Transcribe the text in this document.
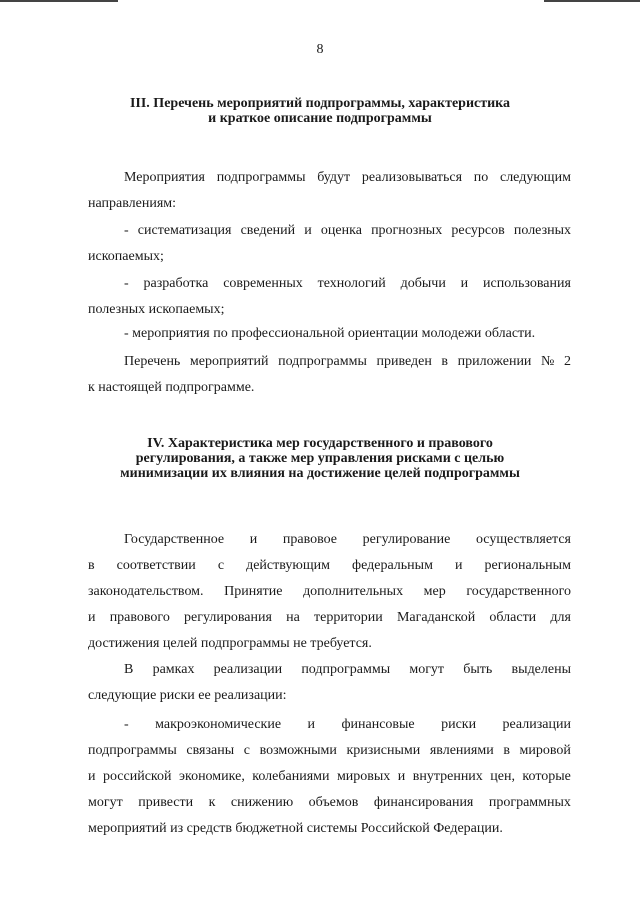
8
III. Перечень мероприятий подпрограммы, характеристика
и краткое описание подпрограммы
Мероприятия подпрограммы будут реализовываться по следующим
направлениям:
- систематизация сведений и оценка прогнозных ресурсов полезных
ископаемых;
- разработка современных технологий добычи и использования
полезных ископаемых;
- мероприятия по профессиональной ориентации молодежи области.
Перечень мероприятий подпрограммы приведен в приложении № 2
к настоящей подпрограмме.
IV. Характеристика мер государственного и правового
регулирования, а также мер управления рисками с целью
минимизации их влияния на достижение целей подпрограммы
Государственное и правовое регулирование осуществляется
в соответствии с действующим федеральным и региональным
законодательством. Принятие дополнительных мер государственного
и правового регулирования на территории Магаданской области для
достижения целей подпрограммы не требуется.
В рамках реализации подпрограммы могут быть выделены
следующие риски ее реализации:
- макроэкономические и финансовые риски реализации
подпрограммы связаны с возможными кризисными явлениями в мировой
и российской экономике, колебаниями мировых и внутренних цен, которые
могут привести к снижению объемов финансирования программных
мероприятий из средств бюджетной системы Российской Федерации.
